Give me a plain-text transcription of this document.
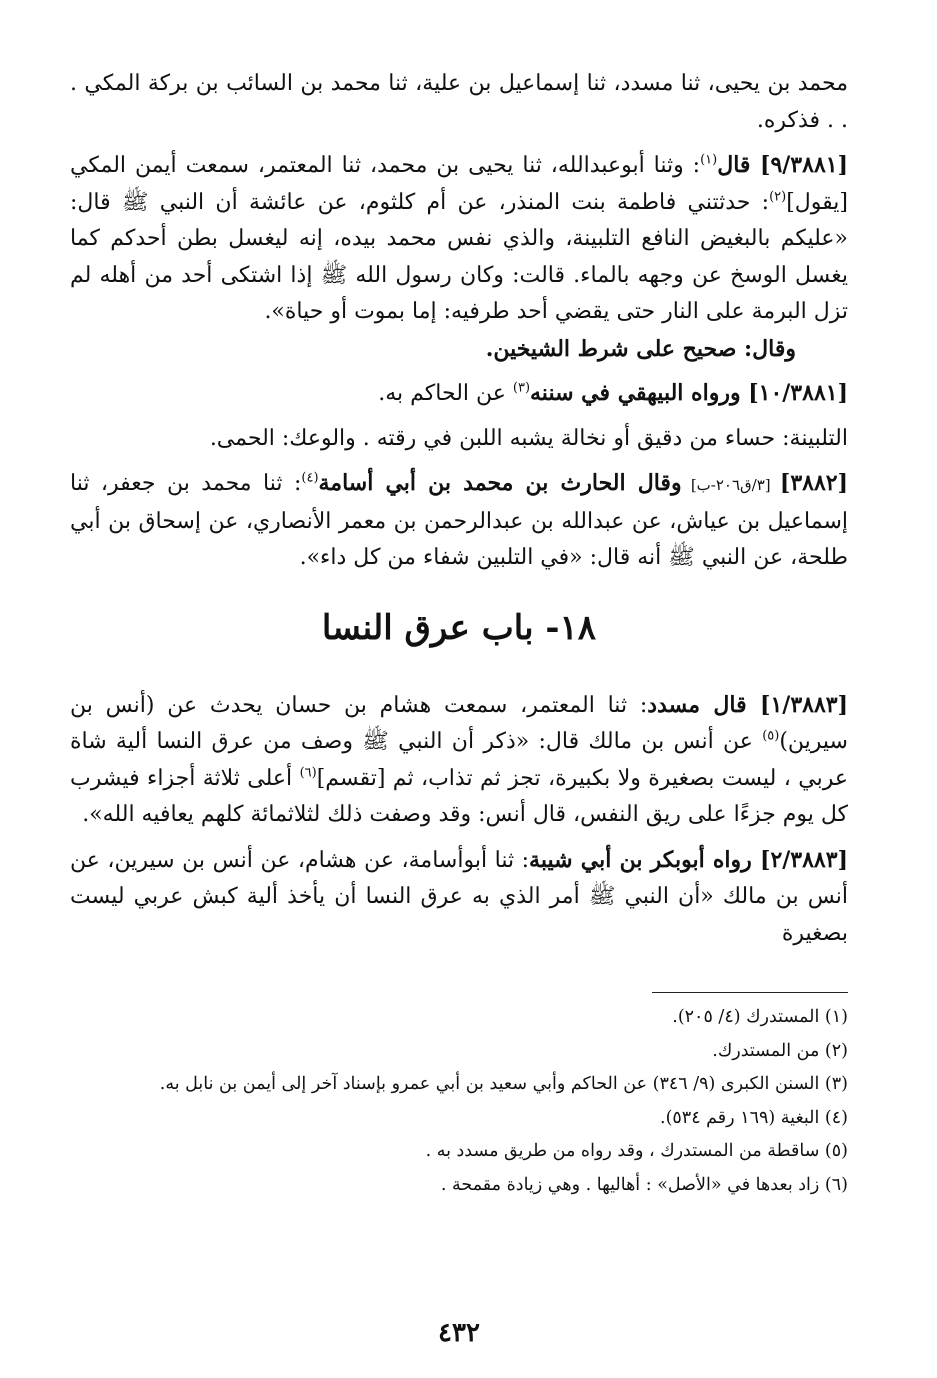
محمد بن يحيى، ثنا مسدد، ثنا إسماعيل بن علية، ثنا محمد بن السائب بن بركة المكي . . . فذكره.

[٩/٣٨٨١] قال$^{(١)}$: وثنا أبوعبدالله، ثنا يحيى بن محمد، ثنا المعتمر، سمعت أيمن المكي [يقول]$^{(٢)}$: حدثتني فاطمة بنت المنذر، عن أم كلثوم، عن عائشة أن النبي ﷺ قال: «عليكم بالبغيض النافع التلبينة، والذي نفس محمد بيده، إنه ليغسل بطن أحدكم كما يغسل الوسخ عن وجهه بالماء. قالت: وكان رسول الله ﷺ إذا اشتكى أحد من أهله لم تزل البرمة على النار حتى يقضي أحد طرفيه: إما بموت أو حياة».

وقال: صحيح على شرط الشيخين.

[١٠/٣٨٨١] ورواه البيهقي في سننه$^{(٣)}$ عن الحاكم به.

التلبينة: حساء من دقيق أو نخالة يشبه اللبن في رقته . والوعك: الحمى.

[٣٨٨٢] [٣/ق٢٠٦-ب] وقال الحارث بن محمد بن أبي أسامة$^{(٤)}$: ثنا محمد بن جعفر، ثنا إسماعيل بن عياش، عن عبدالله بن عبدالرحمن بن معمر الأنصاري، عن إسحاق بن أبي طلحة، عن النبي ﷺ أنه قال: «في التلبين شفاء من كل داء».

١٨- باب عرق النسا

[١/٣٨٨٣] قال مسدد: ثنا المعتمر، سمعت هشام بن حسان يحدث عن (أنس بن سيرين)$^{(٥)}$ عن أنس بن مالك قال: «ذكر أن النبي ﷺ وصف من عرق النسا ألية شاة عربي ، ليست بصغيرة ولا بكبيرة، تجز ثم تذاب، ثم [تقسم]$^{(٦)}$ أعلى ثلاثة أجزاء فيشرب كل يوم جزءًا على ريق النفس، قال أنس: وقد وصفت ذلك لثلاثمائة كلهم يعافيه الله».

[٢/٣٨٨٣] رواه أبوبكر بن أبي شيبة: ثنا أبوأسامة، عن هشام، عن أنس بن سيرين، عن أنس بن مالك «أن النبي ﷺ أمر الذي به عرق النسا أن يأخذ ألية كبش عربي ليست بصغيرة

(١) المستدرك (٤/ ٢٠٥).

(٢) من المستدرك.

(٣) السنن الكبرى (٩/ ٣٤٦) عن الحاكم وأبي سعيد بن أبي عمرو بإسناد آخر إلى أيمن بن نابل به.

(٤) البغية (١٦٩ رقم ٥٣٤).

(٥) ساقطة من المستدرك ، وقد رواه من طريق مسدد به .

(٦) زاد بعدها في «الأصل» : أهاليها . وهي زيادة مقمحة .

٤٣٢
